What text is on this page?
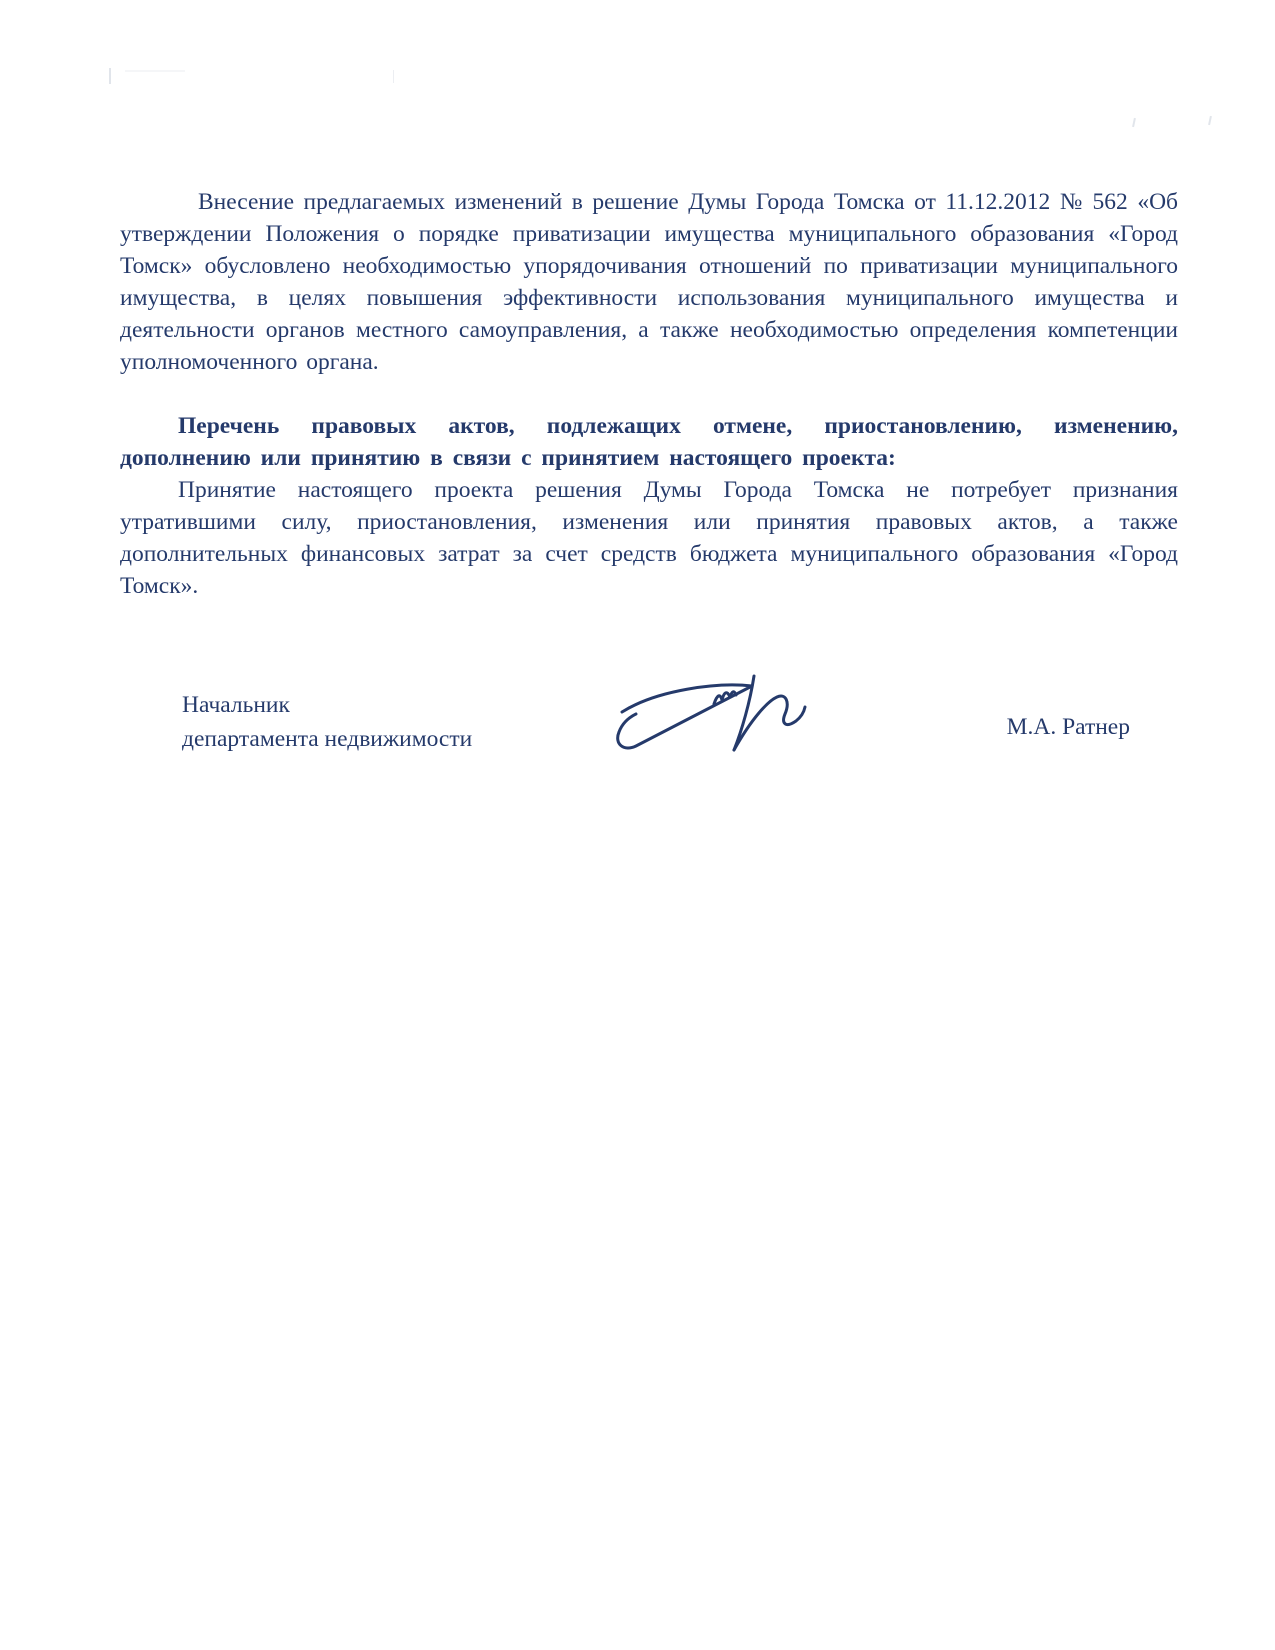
Внесение предлагаемых изменений в решение Думы Города Томска от 11.12.2012 № 562 «Об утверждении Положения о порядке приватизации имущества муниципального образования «Город Томск» обусловлено необходимостью упорядочивания отношений по приватизации муниципального имущества, в целях повышения эффективности использования муниципального имущества и деятельности органов местного самоуправления, а также необходимостью определения компетенции уполномоченного органа.

Перечень правовых актов, подлежащих отмене, приостановлению, изменению, дополнению или принятию в связи с принятием настоящего проекта:

Принятие настоящего проекта решения Думы Города Томска не потребует признания утратившими силу, приостановления, изменения или принятия правовых актов, а также дополнительных финансовых затрат за счет средств бюджета муниципального образования «Город Томск».

Начальник
департамента недвижимости	М.А. Ратнер
